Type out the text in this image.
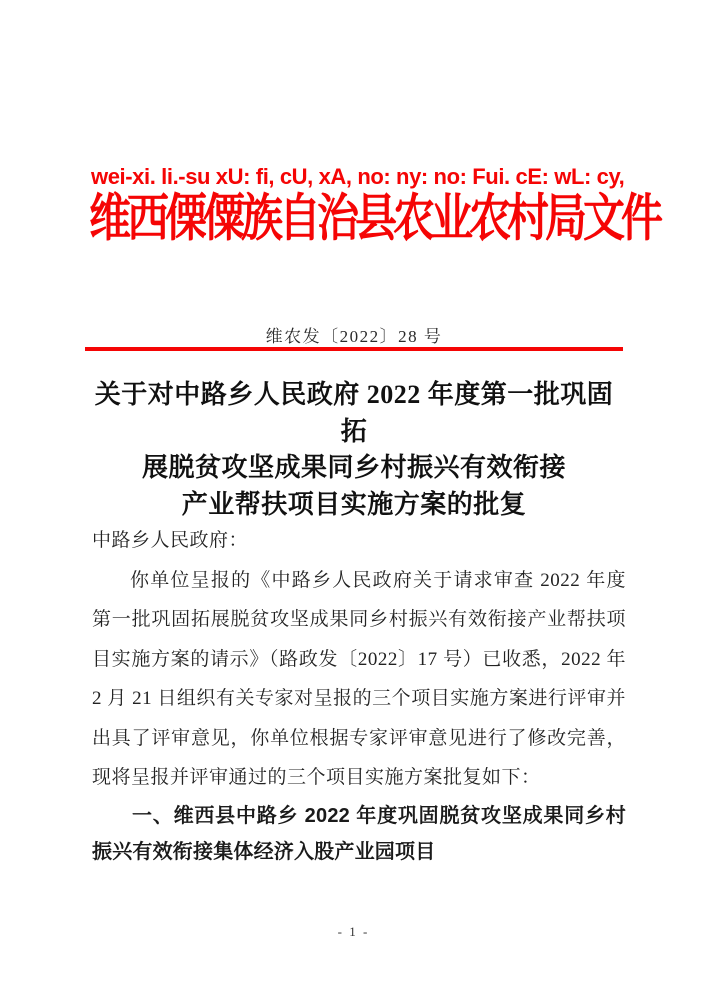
wei-xi. li.-su xU: fi, cU, xA, no: ny: no: Fui. cE: wL: cy,
维西傈僳族自治县农业农村局文件
维农发〔2022〕28 号
关于对中路乡人民政府 2022 年度第一批巩固拓
展脱贫攻坚成果同乡村振兴有效衔接
产业帮扶项目实施方案的批复

中路乡人民政府：

你单位呈报的《中路乡人民政府关于请求审查 2022 年度第一批巩固拓展脱贫攻坚成果同乡村振兴有效衔接产业帮扶项目实施方案的请示》（路政发〔2022〕17 号）已收悉，2022 年 2 月 21 日组织有关专家对呈报的三个项目实施方案进行评审并出具了评审意见，你单位根据专家评审意见进行了修改完善，现将呈报并评审通过的三个项目实施方案批复如下：

一、维西县中路乡 2022 年度巩固脱贫攻坚成果同乡村振兴有效衔接集体经济入股产业园项目

- 1 -
